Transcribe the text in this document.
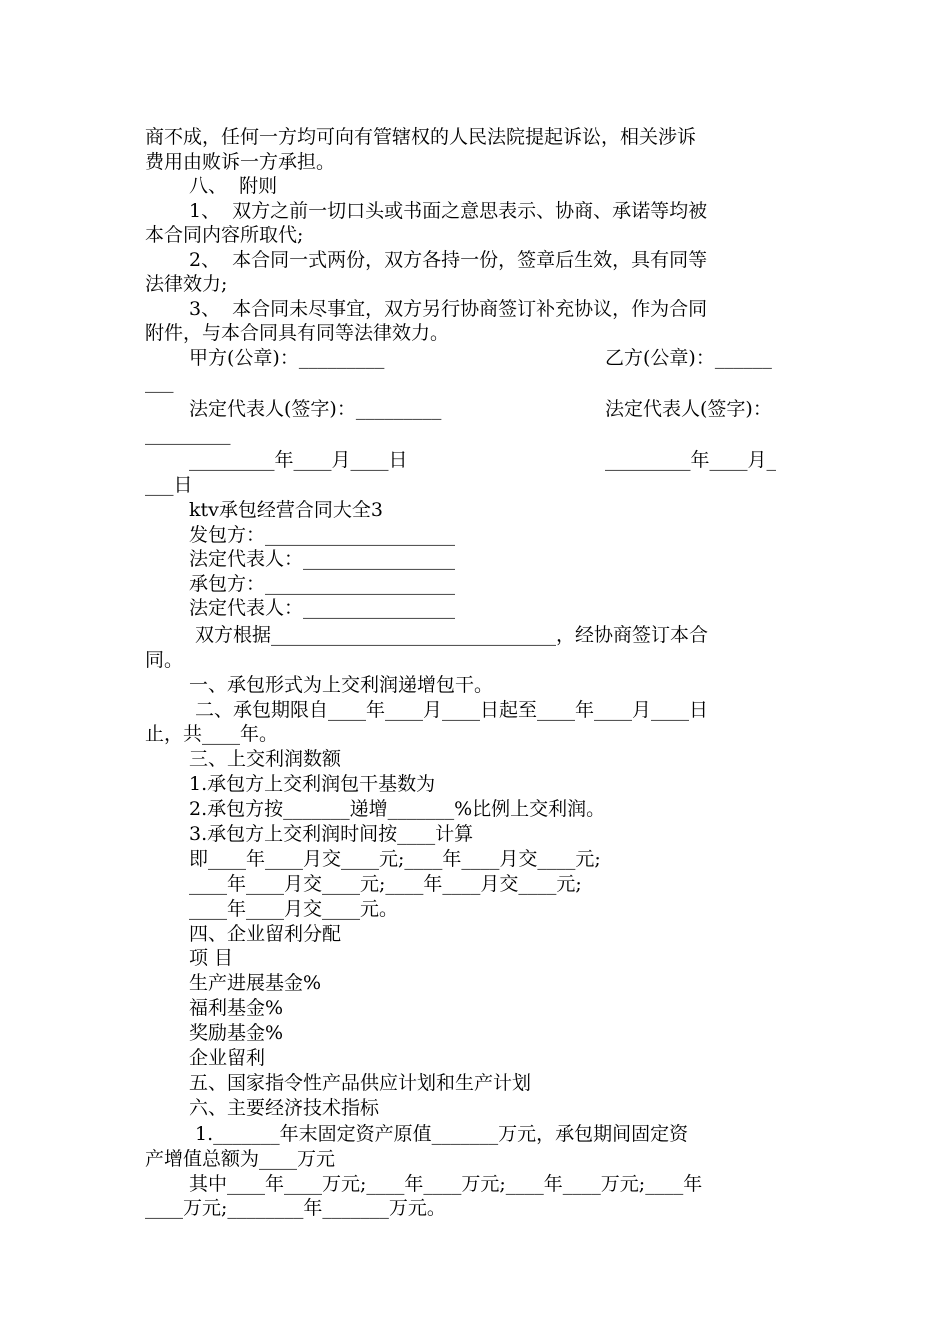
商不成，任何一方均可向有管辖权的人民法院提起诉讼，相关涉诉
费用由败诉一方承担。
八、  附则
1、  双方之前一切口头或书面之意思表示、协商、承诺等均被
本合同内容所取代;
2、  本合同一式两份，双方各持一份，签章后生效，具有同等
法律效力;
3、  本合同未尽事宜，双方另行协商签订补充协议，作为合同
附件，与本合同具有同等法律效力。
甲方(公章)：_________	乙方(公章)：______
___
法定代表人(签字)：_________	法定代表人(签字)：
_________
_________年____月____日	_________年____月_
___日
ktv承包经营合同大全3
发包方：____________________
法定代表人：________________
承包方：____________________
法定代表人：________________
双方根据______________________________，经协商签订本合
同。
一、承包形式为上交利润递增包干。
二、承包期限自____年____月____日起至____年____月____日
止，共____年。
三、上交利润数额
1.承包方上交利润包干基数为
2.承包方按_______递增_______%比例上交利润。
3.承包方上交利润时间按____计算
即____年____月交____元;____年____月交____元;
____年____月交____元;____年____月交____元;
____年____月交____元。
四、企业留利分配
项 目
生产进展基金%
福利基金%
奖励基金%
企业留利
五、国家指令性产品供应计划和生产计划
六、主要经济技术指标
1._______年末固定资产原值_______万元，承包期间固定资
产增值总额为____万元
其中____年____万元;____年____万元;____年____万元;____年
____万元;________年_______万元。
